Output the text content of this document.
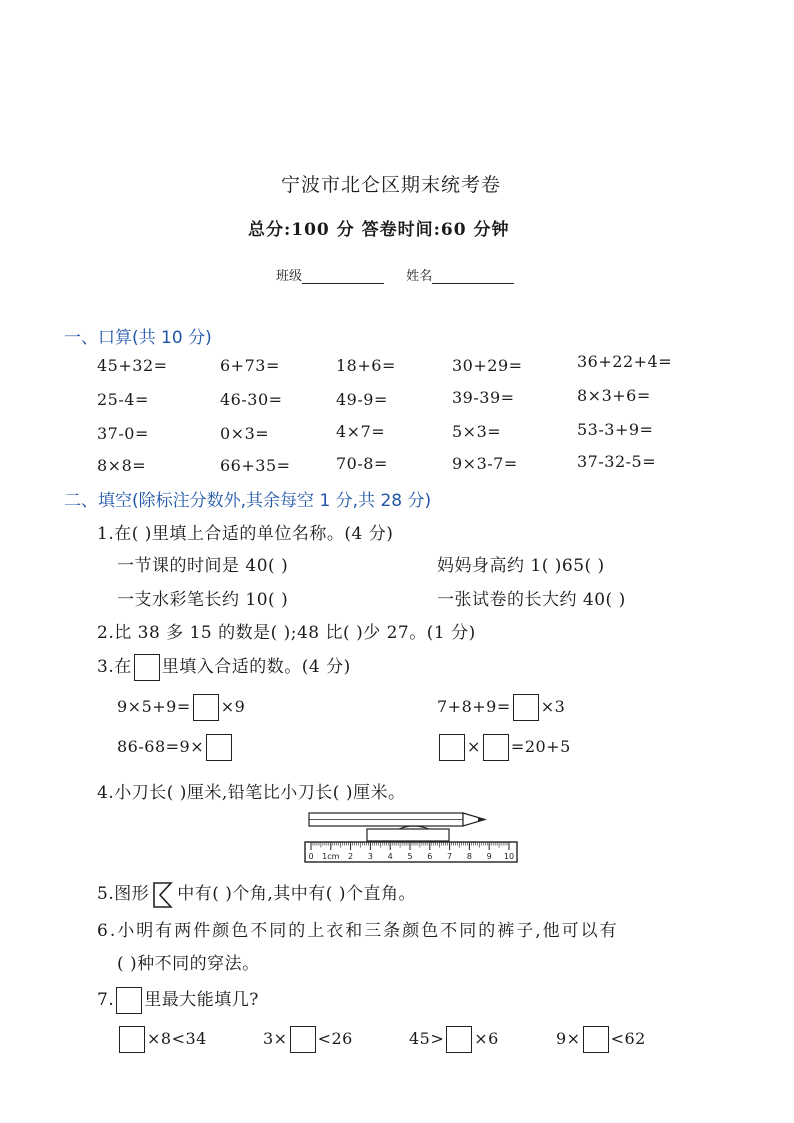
宁波市北仑区期末统考卷
总分:100 分 答卷时间:60 分钟
班级	姓名
一、口算(共 10 分)
45+32=	6+73=	18+6=	30+29=	36+22+4=
25-4=	46-30=	49-9=	39-39=	8×3+6=
37-0=	0×3=	4×7=	5×3=	53-3+9=
8×8=	66+35=	70-8=	9×3-7=	37-32-5=
二、填空(除标注分数外,其余每空 1 分,共 28 分)
1.在( )里填上合适的单位名称。(4 分)
一节课的时间是 40( )	妈妈身高约 1( )65( )
一支水彩笔长约 10( )	一张试卷的长大约 40( )
2.比 38 多 15 的数是( );48 比( )少 27。(1 分)
3.在 里填入合适的数。(4 分)
9×5+9= ×9	7+8+9= ×3
86-68=9×	× =20+5
4.小刀长( )厘米,铅笔比小刀长( )厘米。
0 1cm 2 3 4 5 6 7 8 9 10
5.图形 中有( )个角,其中有( )个直角。
6.小明有两件颜色不同的上衣和三条颜色不同的裤子,他可以有
( )种不同的穿法。
7. 里最大能填几?
×8<34	3× <26	45> ×6	9× <62
